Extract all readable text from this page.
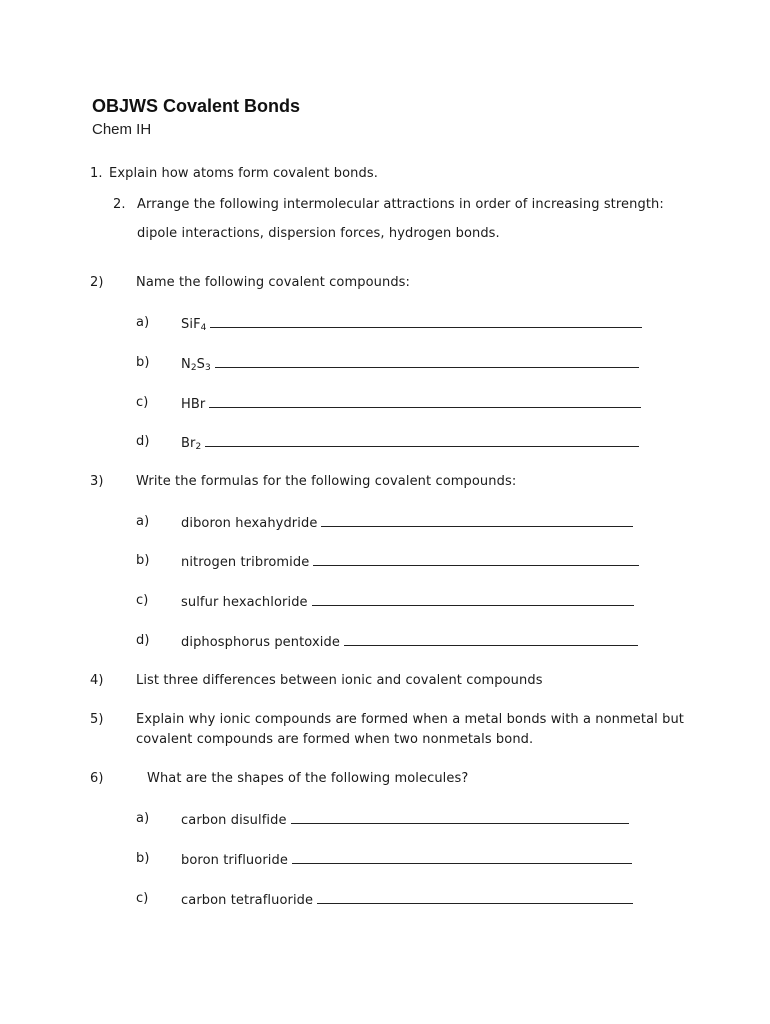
OBJWS Covalent Bonds
Chem IH
1. Explain how atoms form covalent bonds.
2. Arrange the following intermolecular attractions in order of increasing strength:
dipole interactions, dispersion forces, hydrogen bonds.
2) Name the following covalent compounds:
a) SiF$_4$
b) $N_2S_3$
c)	HBr
d) $Br_2$
3) Write the formulas for the following covalent compounds:
a) diboron hexahydride
b) nitrogen tribromide
c)	sulfur hexachloride
d) diphosphorus pentoxide
4) List three differences between ionic and covalent compounds
5) Explain why ionic compounds are formed when a metal bonds with a nonmetal but
covalent compounds are formed when two nonmetals bond.
6)	What are the shapes of the following molecules?
a) carbon disulfide
b) boron trifluoride
c)	carbon tetrafluoride
